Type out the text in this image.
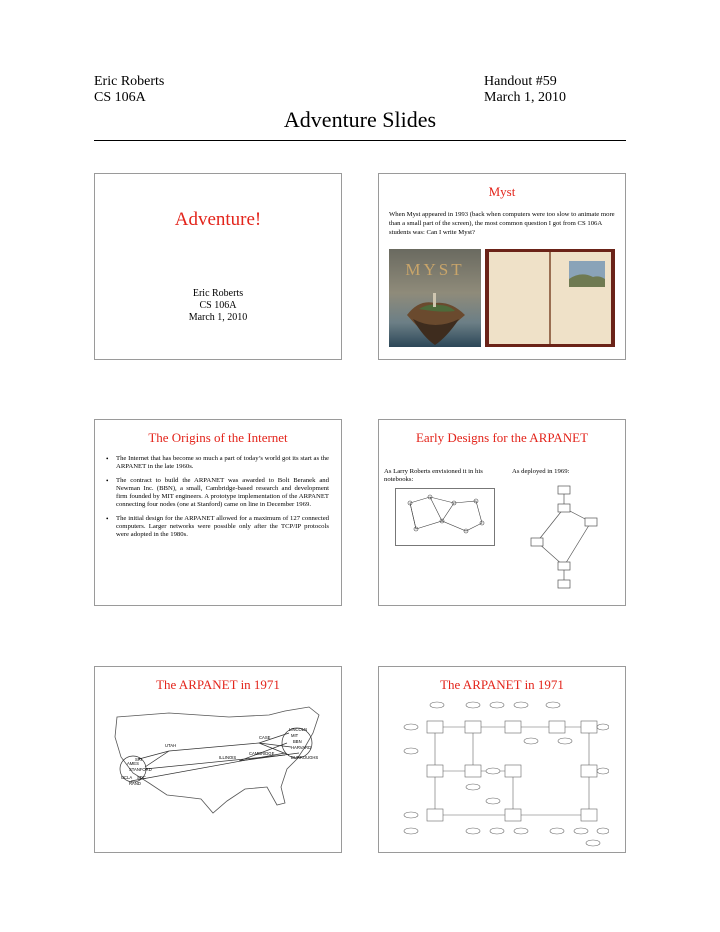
Eric Roberts
CS 106A
Handout #59
March 1, 2010
Adventure Slides
Adventure!
Eric Roberts
CS 106A
March 1, 2010
Myst
When Myst appeared in 1993 (back when computers were too slow to animate more than a small part of the screen), the most common question I got from CS 106A students was: Can I write Myst?
MYST
The Origins of the Internet
• The Internet that has become so much a part of today’s world got its start as the ARPANET in the late 1960s.
• The contract to build the ARPANET was awarded to Bolt Beranek and Newman Inc. (BBN), a small, Cambridge-based research and development firm founded by MIT engineers. A prototype implementation of the ARPANET connecting four nodes (one at Stanford) came on line in December 1969.
• The initial design for the ARPANET allowed for a maximum of 127 connected computers. Larger networks were possible only after the TCP/IP protocols were adopted in the 1980s.
Early Designs for the ARPANET
As Larry Roberts envisioned it in his notebooks:
As deployed in 1969:
The ARPANET in 1971
LINCOLN
MIT
BBN
HARVARD
BURROUGHS
CASE
CAMBRIDGE
ILLINOIS
UTAH
SRI
AMES
STANFORD
UCLA SDC
RAND
The ARPANET in 1971
